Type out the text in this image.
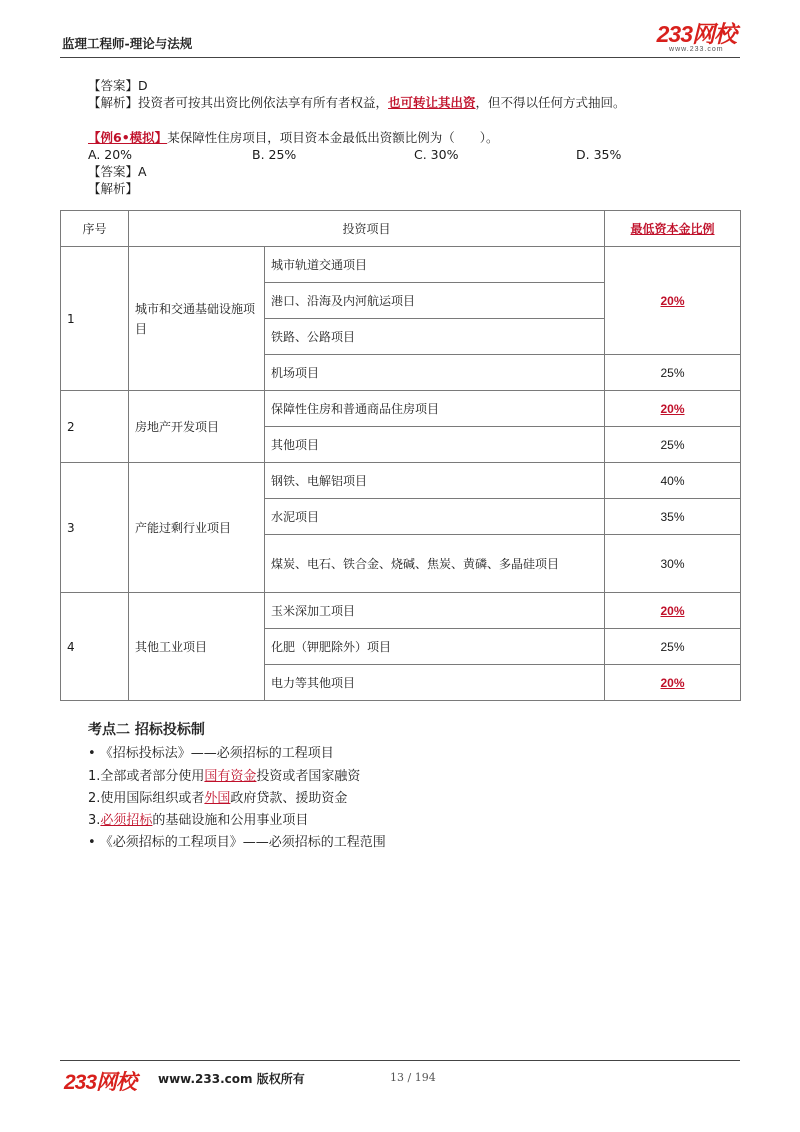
监理工程师-理论与法规	233网校
www.233.com
【答案】D
【解析】投资者可按其出资比例依法享有所有者权益，也可转让其出资，但不得以任何方式抽回。
【例6•模拟】某保障性住房项目，项目资本金最低出资额比例为（　　）。
A. 20%	B. 25%	C. 30%	D. 35%
【答案】A
【解析】
序号	投资项目		最低资本金比例
1	城市和交通基础设施项目	城市轨道交通项目	20%
		港口、沿海及内河航运项目	
		铁路、公路项目	
		机场项目	25%
2	房地产开发项目	保障性住房和普通商品住房项目	20%
		其他项目	25%
3	产能过剩行业项目	钢铁、电解铝项目	40%
		水泥项目	35%
		煤炭、电石、铁合金、烧碱、焦炭、黄磷、多晶硅项目	30%
4	其他工业项目	玉米深加工项目	20%
		化肥（钾肥除外）项目	25%
		电力等其他项目	20%
考点二 招标投标制
• 《招标投标法》——必须招标的工程项目
1.全部或者部分使用国有资金投资或者国家融资
2.使用国际组织或者外国政府贷款、援助资金
3.必须招标的基础设施和公用事业项目
• 《必须招标的工程项目》——必须招标的工程范围
233网校 www.233.com 版权所有	13 / 194
